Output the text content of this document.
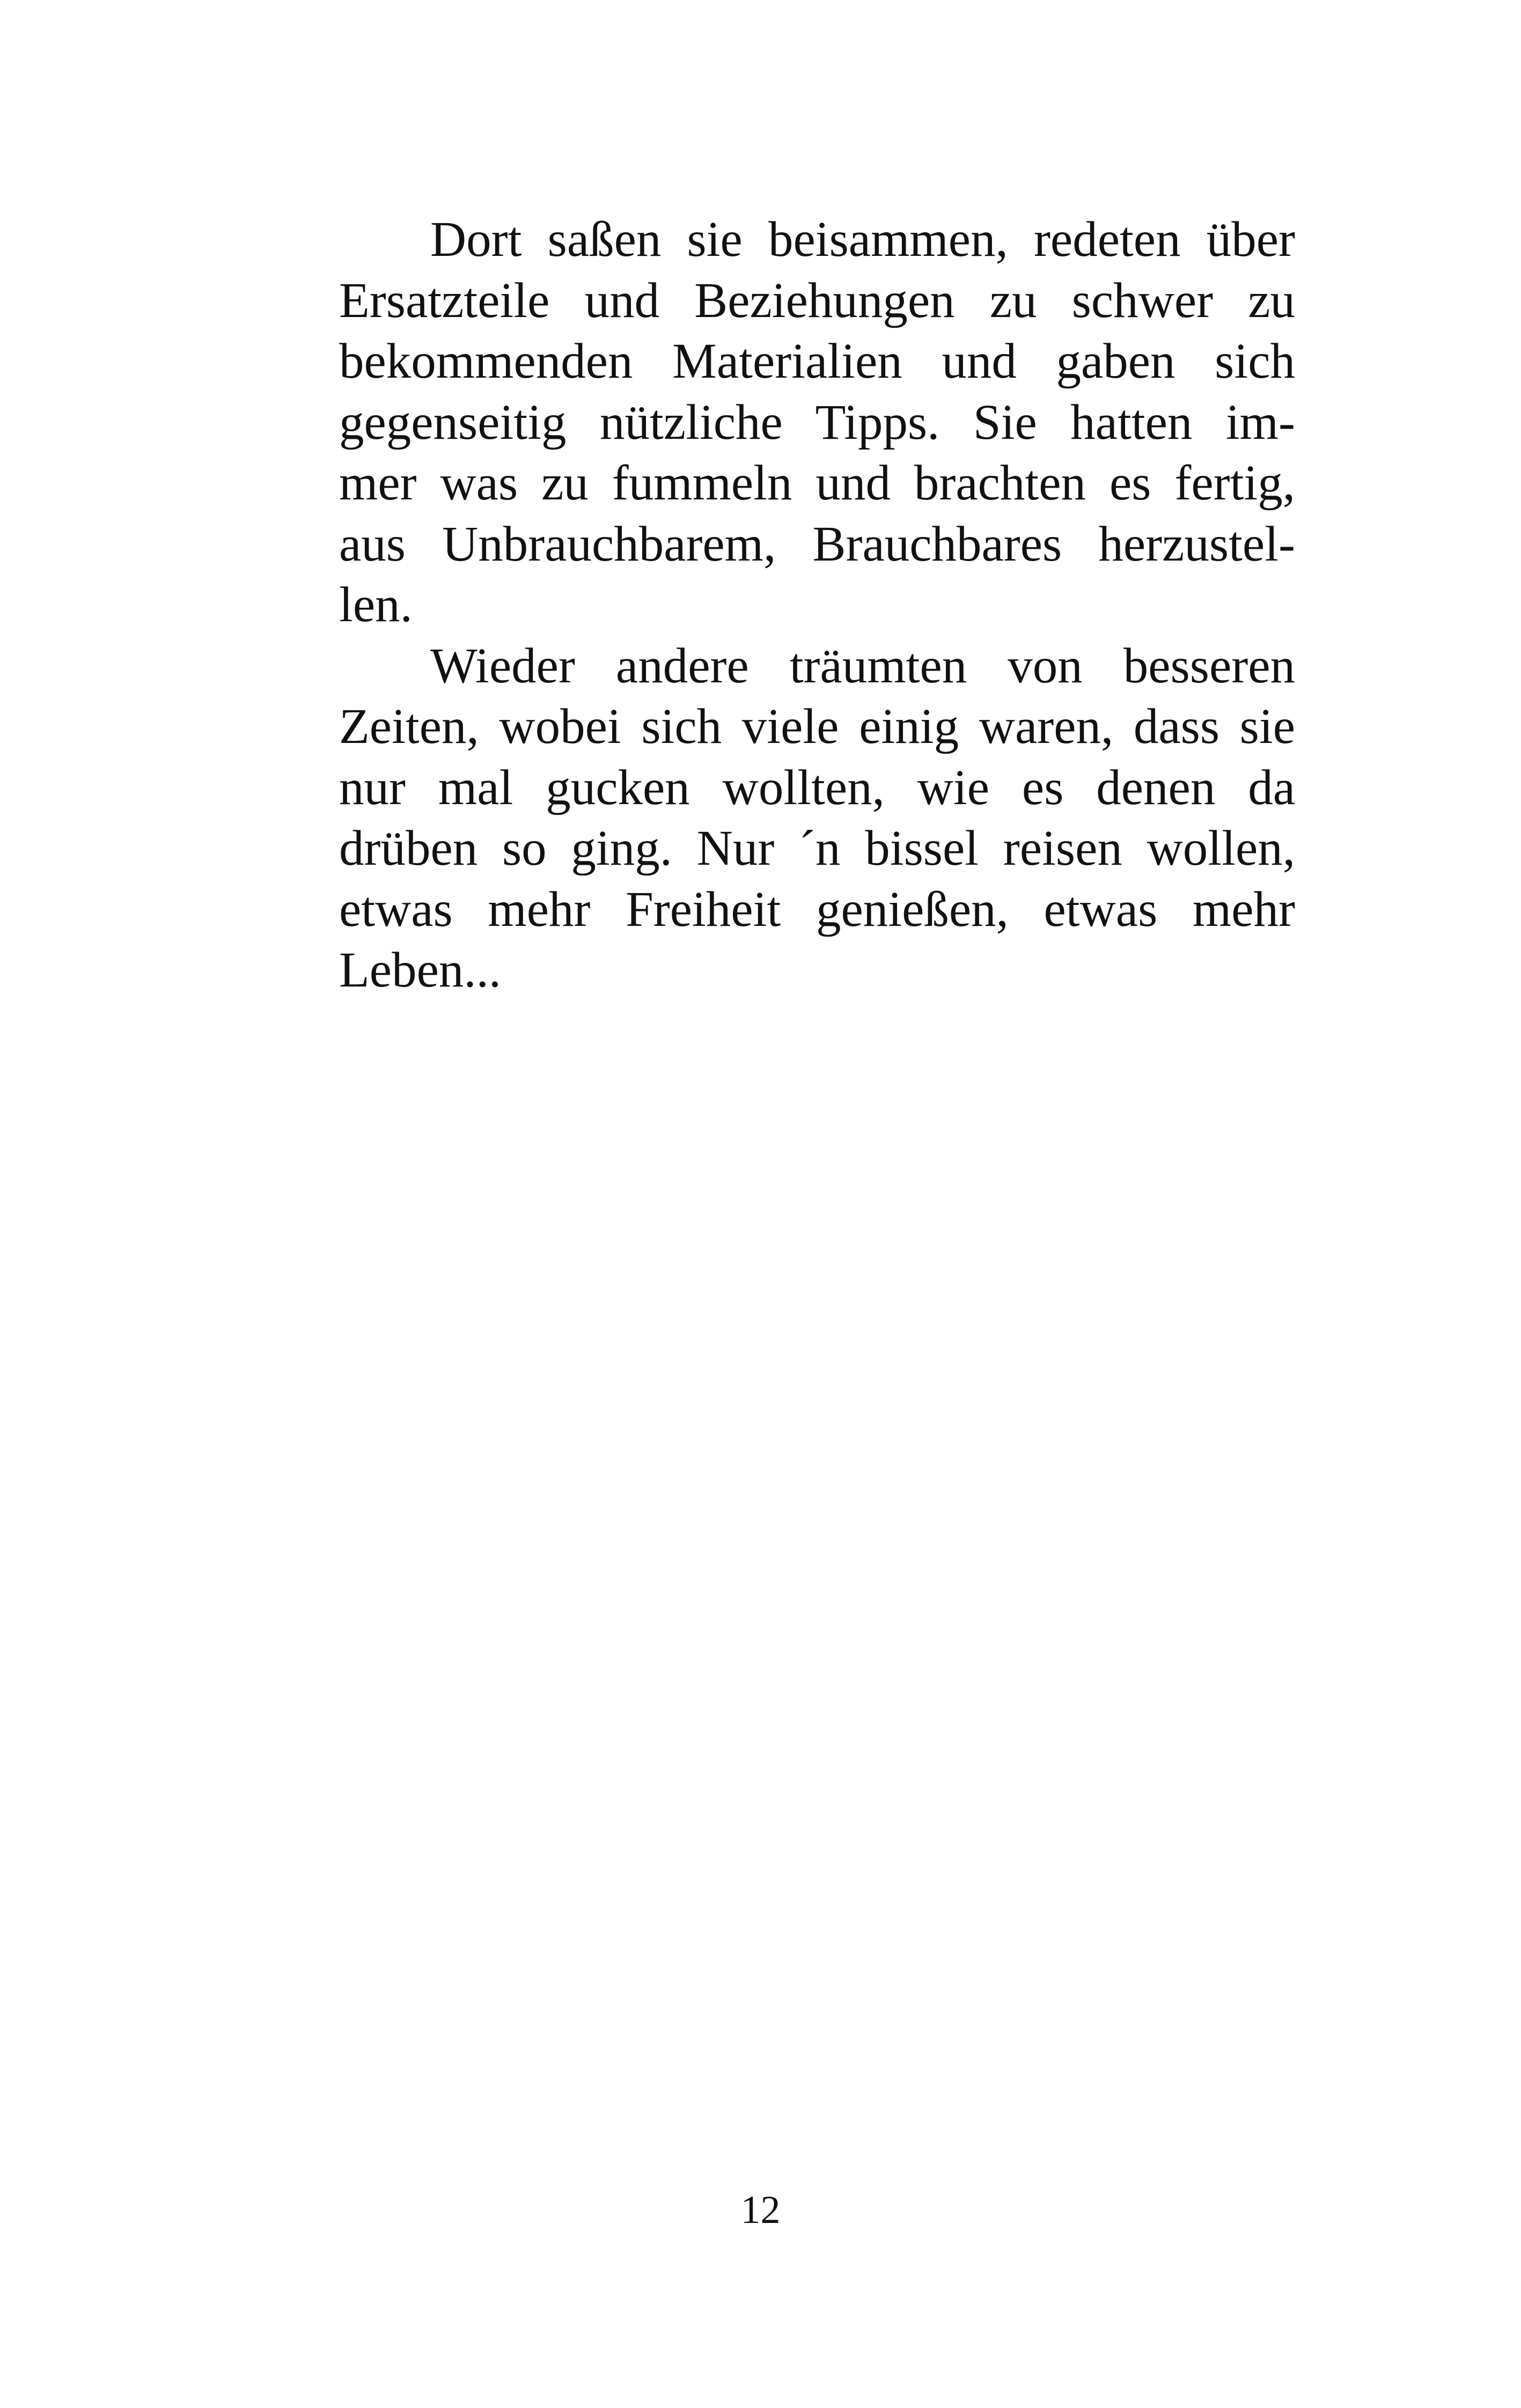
Dort saßen sie beisammen, redeten über
Ersatzteile und Beziehungen zu schwer zu
bekommenden Materialien und gaben sich
gegenseitig nützliche Tipps. Sie hatten im-
mer was zu fummeln und brachten es fertig,
aus Unbrauchbarem, Brauchbares herzustel-
len.

Wieder andere träumten von besseren
Zeiten, wobei sich viele einig waren, dass sie
nur mal gucken wollten, wie es denen da
drüben so ging. Nur ´n bissel reisen wollen,
etwas mehr Freiheit genießen, etwas mehr
Leben...

12
